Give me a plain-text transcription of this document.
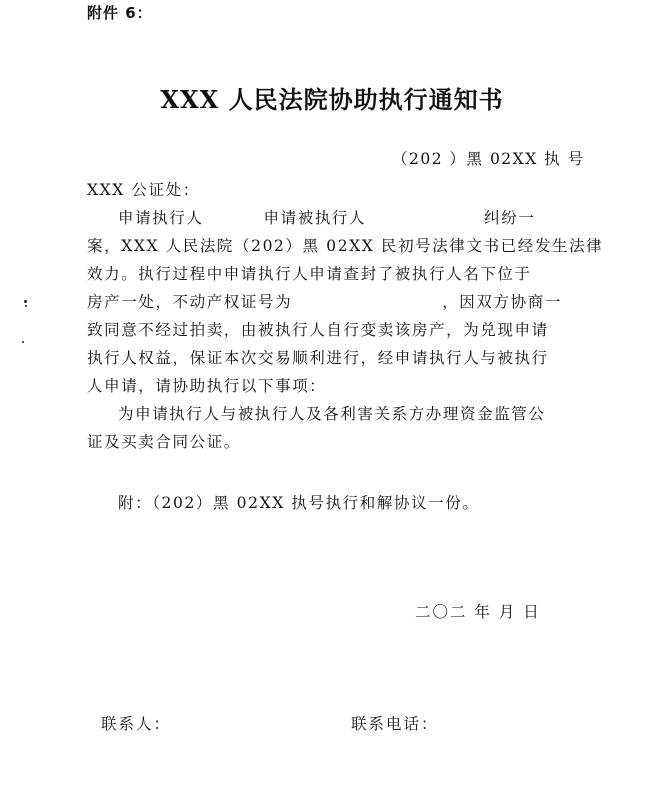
附件 6：
XXX 人民法院协助执行通知书
（202 ）黑 02XX 执 号
XXX 公证处：
申请执行人	申请被执行人	纠纷一
案，XXX 人民法院（202）黑 02XX 民初号法律文书已经发生法律
效力。执行过程中申请执行人申请查封了被执行人名下位于
房产一处，不动产权证号为	，因双方协商一
致同意不经过拍卖，由被执行人自行变卖该房产，为兑现申请
执行人权益，保证本次交易顺利进行，经申请执行人与被执行
人申请，请协助执行以下事项：
为申请执行人与被执行人及各利害关系方办理资金监管公
证及买卖合同公证。
附：（202）黑 02XX 执号执行和解协议一份。
二〇二 年 月 日
联系人：	联系电话：
